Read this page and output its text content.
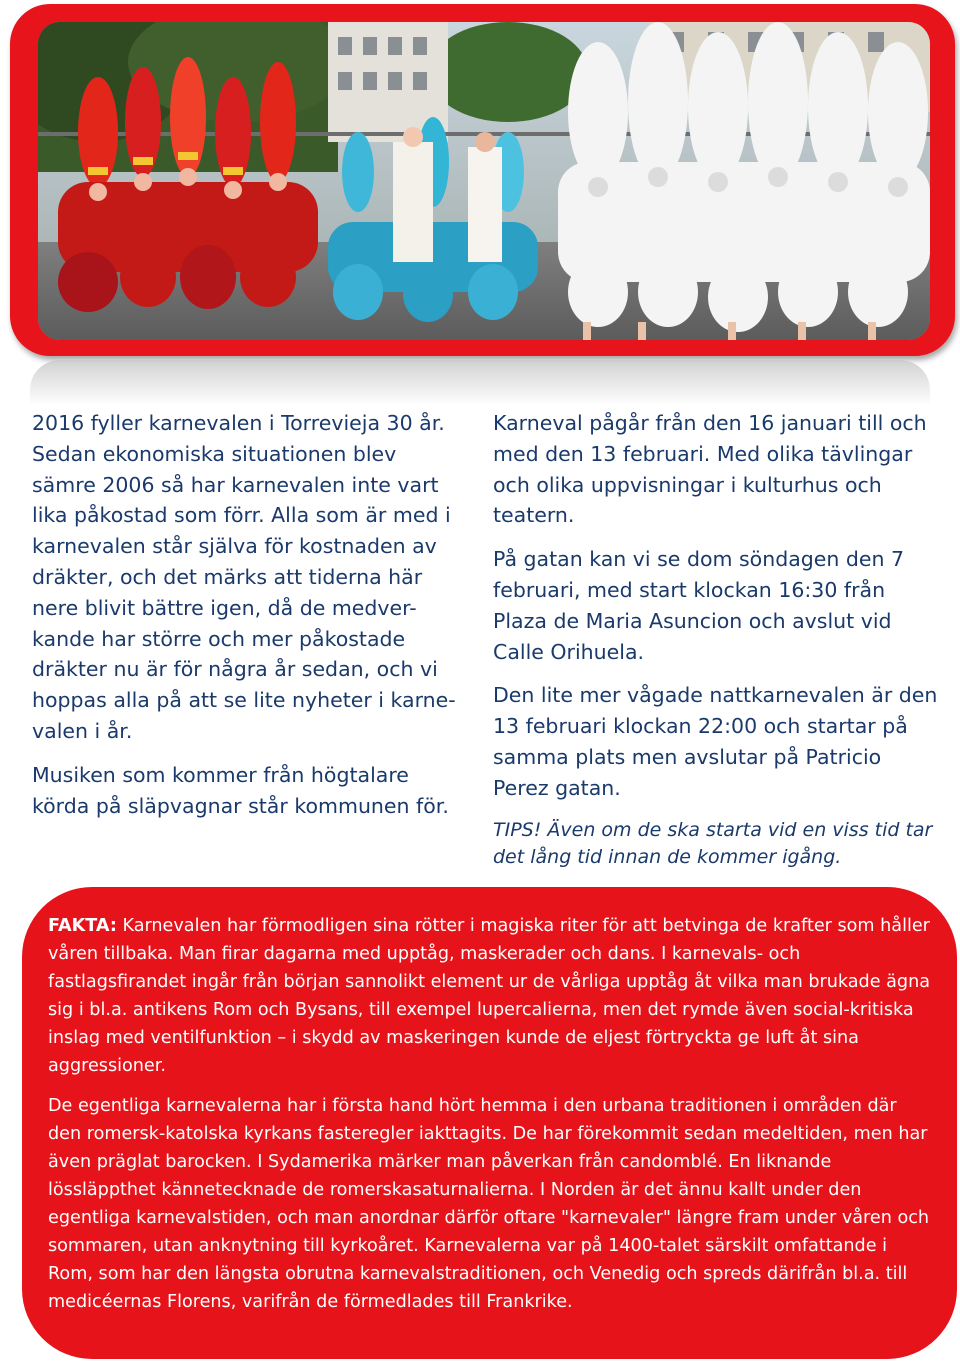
2016 fyller karnevalen i Torrevieja 30 år.
Sedan ekonomiska situationen blev
sämre 2006 så har karnevalen inte vart
lika påkostad som förr. Alla som är med i
karnevalen står själva för kostnaden av
dräkter, och det märks att tiderna här
nere blivit bättre igen, då de medver-
kande har större och mer påkostade
dräkter nu är för några år sedan, och vi
hoppas alla på att se lite nyheter i karne-
valen i år.

Musiken som kommer från högtalare
körda på släpvagnar står kommunen för.

Karneval pågår från den 16 januari till och med den 13 februari. Med olika tävlingar och olika uppvisningar i kulturhus och teatern.

På gatan kan vi se dom söndagen den 7 februari, med start klockan 16:30 från Plaza de Maria Asuncion och avslut vid Calle Orihuela.

Den lite mer vågade nattkarnevalen är den 13 februari klockan 22:00 och startar på samma plats men avslutar på Patricio Perez gatan.

TIPS! Även om de ska starta vid en viss tid tar det lång tid innan de kommer igång.

FAKTA: Karnevalen har förmodligen sina rötter i magiska riter för att betvinga de krafter som håller våren tillbaka. Man firar dagarna med upptåg, maskerader och dans. I karnevals- och fastlagsfirandet ingår från början sannolikt element ur de vårliga upptåg åt vilka man brukade ägna sig i bl.a. antikens Rom och Bysans, till exempel lupercalierna, men det rymde även social-kritiska inslag med ventilfunktion – i skydd av maskeringen kunde de eljest förtryckta ge luft åt sina aggressioner.

De egentliga karnevalerna har i första hand hört hemma i den urbana traditionen i områden där den romersk-katolska kyrkans fasteregler iakttagits. De har förekommit sedan medeltiden, men har även präglat barocken. I Sydamerika märker man påverkan från candomblé. En liknande lössläppthet kännetecknade de romerskasaturnalierna. I Norden är det ännu kallt under den egentliga karnevalstiden, och man anordnar därför oftare "karnevaler" längre fram under våren och sommaren, utan anknytning till kyrkoåret. Karnevalerna var på 1400-talet särskilt omfattande i Rom, som har den längsta obrutna karnevalstraditionen, och Venedig och spreds därifrån bl.a. till medicéernas Florens, varifrån de förmedlades till Frankrike.
